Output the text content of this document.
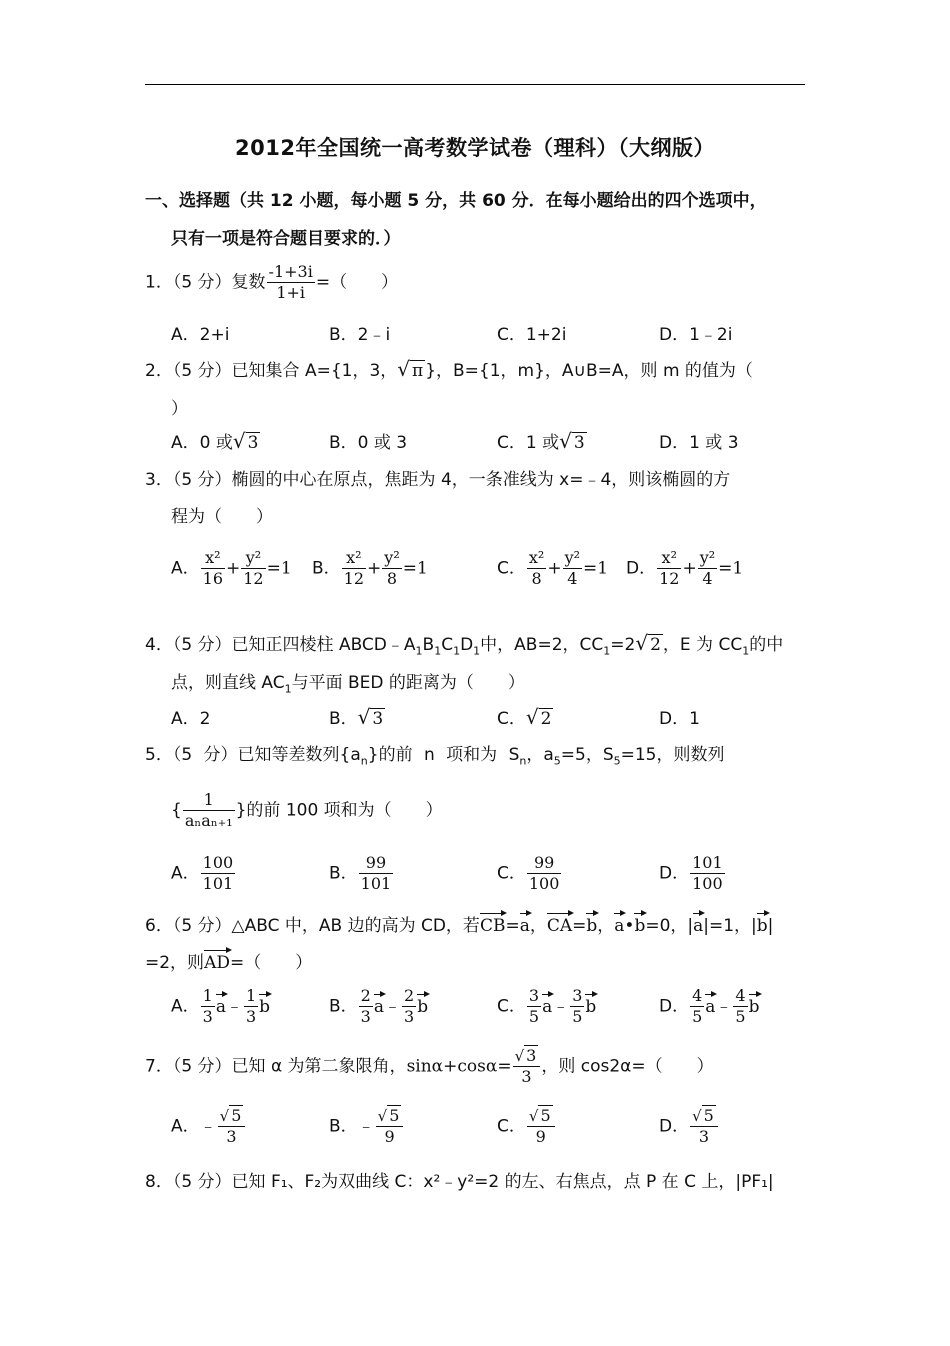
2012年全国统一高考数学试卷（理科）（大纲版）
一、选择题（共 12 小题，每小题 5 分，共 60 分．在每小题给出的四个选项中，
只有一项是符合题目要求的．）
1．（5 分）复数 $\frac{-1+3i}{1+i}$ =（　　）
A．2+i	B．2﹣i	C．1+2i	D．1﹣2i
2．（5 分）已知集合 A={1，3，√ π }，B={1，m}，A∪B=A，则 m 的值为（
）
A．0 或√ 3	B．0 或 3	C．1 或√ 3	D．1 或 3
3．（5 分）椭圆的中心在原点，焦距为 4，一条准线为 x=﹣4，则该椭圆的方
程为（　　）
A． $\frac{\text{x²}}{16} + \frac{\text{y²}}{12} =1$ B． $\frac{\text{x²}}{12} + \frac{\text{y²}}{8} =1$	C． $\frac{\text{x²}}{8} + \frac{\text{y²}}{4} =1$ D． $\frac{\text{x²}}{12} + \frac{\text{y²}}{4} =1$
4．（5 分）已知正四棱柱 $ABCD﹣A_1B_1C_1D_1$中，AB=2，$CC_1=2√$ 2 ，E 为 $CC_1$的中
点，则直线 $AC_1$与平面 BED 的距离为（　　）
A．2	B．√ 3	C．√ 2	D．1
5．（5 分）已知等差数列$\{a_n\}$的前 n 项和为 $S_n$，$a_5=5$，$S_5=15$，则数列
{ $\frac{1}{\text{aₙaₙ₊₁}}$ }的前 100 项和为（　　）
A． $\frac{100}{101}$	B． $\frac{99}{101}$	C． $\frac{99}{100}$	D． $\frac{101}{100}$
6．（5 分）△ABC 中，AB 边的高为 CD，若CB=a，CA=b，a•b=0，|a|=1，|b|
=2，则AD=（　　）
A． $\frac{1}{3}$ a﹣ $\frac{1}{3}$ b	B． $\frac{2}{3}$ a﹣ $\frac{2}{3}$ b	C． $\frac{3}{5}$ a﹣ $\frac{3}{5}$ b	D． $\frac{4}{5}$ a﹣ $\frac{4}{5}$ b
7．（5 分）已知 α 为第二象限角，$\sin\alpha+\cos\alpha= \frac{√ 3}{3}$ ，则 cos2α=（　　）
A．﹣ $\frac{√ 5}{3}$	B．﹣ $\frac{√ 5}{9}$	C． $\frac{√ 5}{9}$	D． $\frac{√ 5}{3}$
8．（5 分）已知 F₁、F₂为双曲线 C：x²﹣y²=2 的左、右焦点，点 P 在 C 上，|PF₁|
